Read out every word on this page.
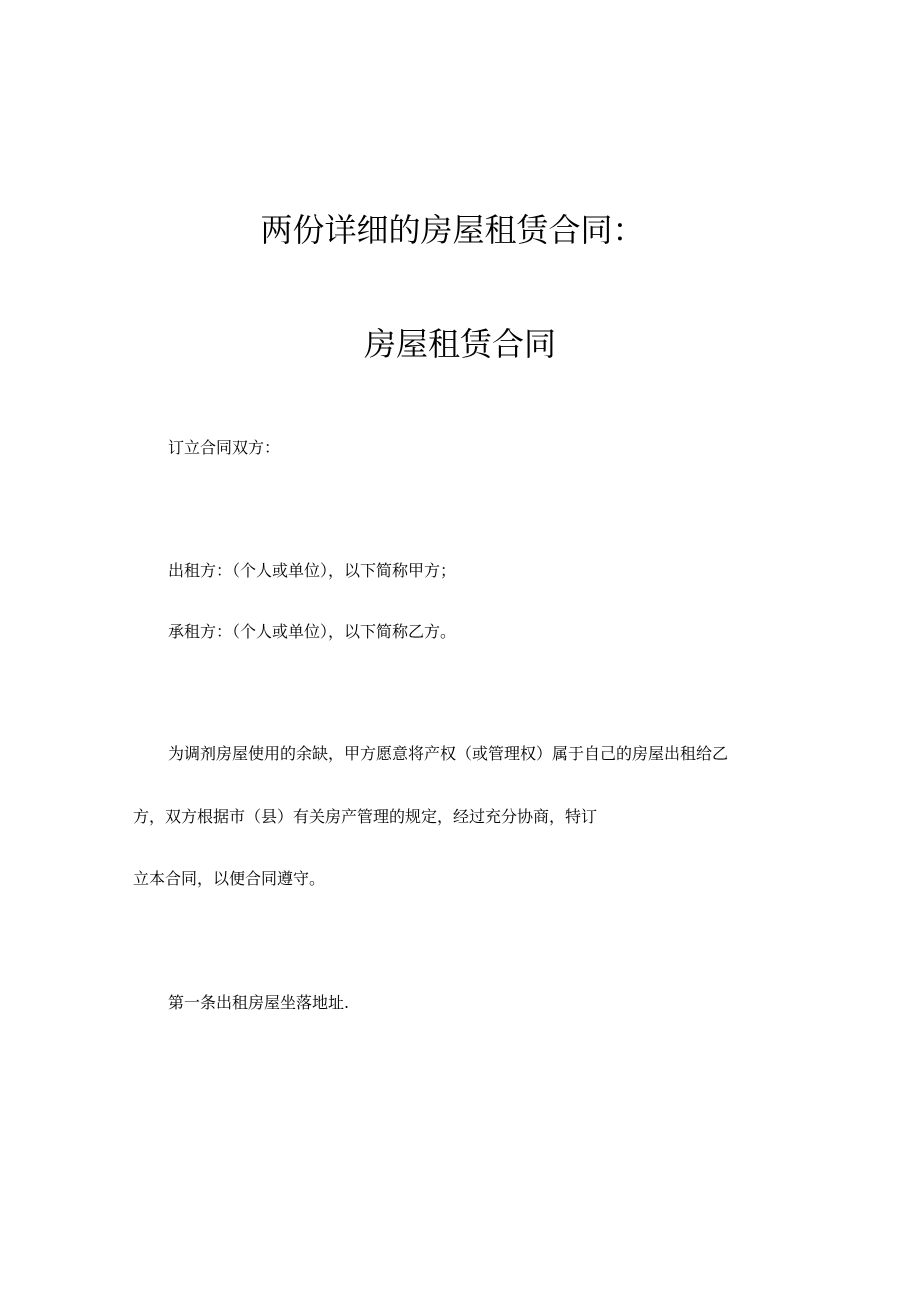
两份详细的房屋租赁合同：
房屋租赁合同
订立合同双方：
出租方：（个人或单位），以下简称甲方；
承租方：（个人或单位），以下简称乙方。
为调剂房屋使用的余缺，甲方愿意将产权（或管理权）属于自己的房屋出租给乙
方，双方根据市（县）有关房产管理的规定，经过充分协商，特订
立本合同，以便合同遵守。
第一条出租房屋坐落地址.
